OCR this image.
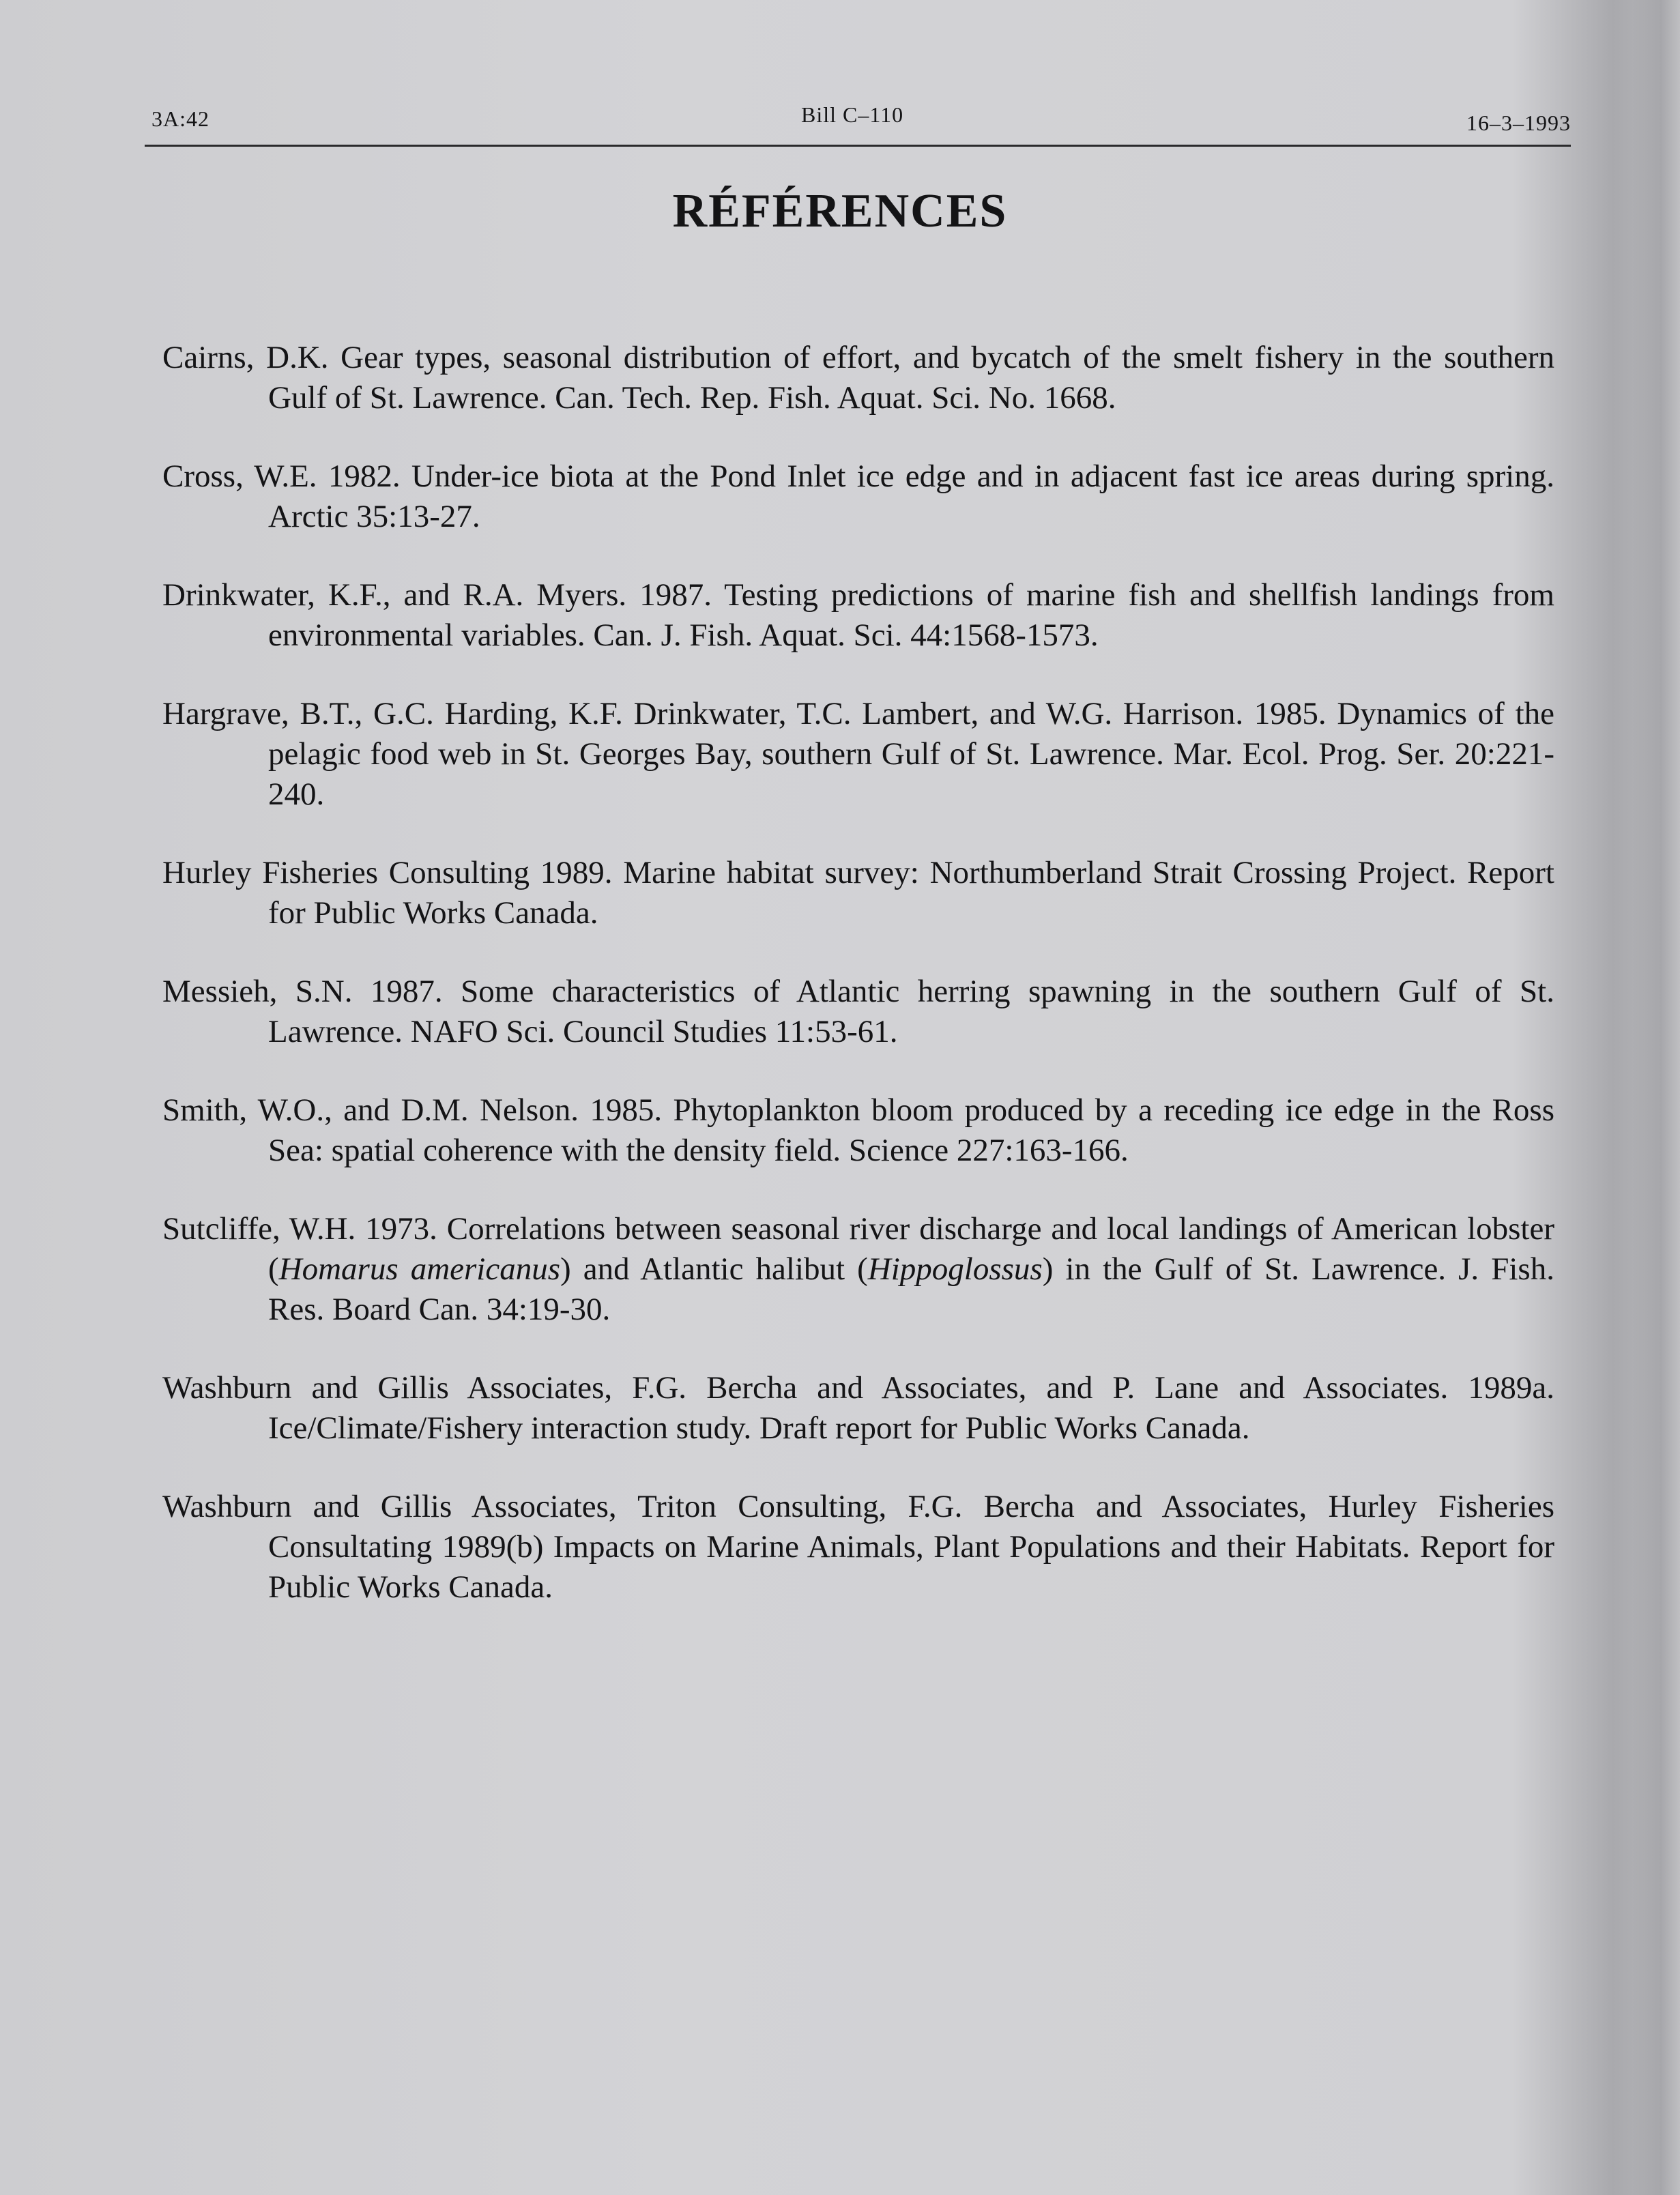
3A:42	Bill C–110	16–3–1993
RÉFÉRENCES
Cairns, D.K. Gear types, seasonal distribution of effort, and bycatch of the smelt fishery in the southern Gulf of St. Lawrence. Can. Tech. Rep. Fish. Aquat. Sci. No. 1668.
Cross, W.E. 1982. Under-ice biota at the Pond Inlet ice edge and in adjacent fast ice areas during spring. Arctic 35:13-27.
Drinkwater, K.F., and R.A. Myers. 1987. Testing predictions of marine fish and shellfish landings from environmental variables. Can. J. Fish. Aquat. Sci. 44:1568-1573.
Hargrave, B.T., G.C. Harding, K.F. Drinkwater, T.C. Lambert, and W.G. Harrison. 1985. Dynamics of the pelagic food web in St. Georges Bay, southern Gulf of St. Lawrence. Mar. Ecol. Prog. Ser. 20:221-240.
Hurley Fisheries Consulting 1989. Marine habitat survey: Northumberland Strait Crossing Project. Report for Public Works Canada.
Messieh, S.N. 1987. Some characteristics of Atlantic herring spawning in the southern Gulf of St. Lawrence. NAFO Sci. Council Studies 11:53-61.
Smith, W.O., and D.M. Nelson. 1985. Phytoplankton bloom produced by a receding ice edge in the Ross Sea: spatial coherence with the density field. Science 227:163-166.
Sutcliffe, W.H. 1973. Correlations between seasonal river discharge and local landings of American lobster (Homarus americanus) and Atlantic halibut (Hippoglossus) in the Gulf of St. Lawrence. J. Fish. Res. Board Can. 34:19-30.
Washburn and Gillis Associates, F.G. Bercha and Associates, and P. Lane and Associates. 1989a. Ice/Climate/Fishery interaction study. Draft report for Public Works Canada.
Washburn and Gillis Associates, Triton Consulting, F.G. Bercha and Associates, Hurley Fisheries Consultating 1989(b) Impacts on Marine Animals, Plant Populations and their Habitats. Report for Public Works Canada.
